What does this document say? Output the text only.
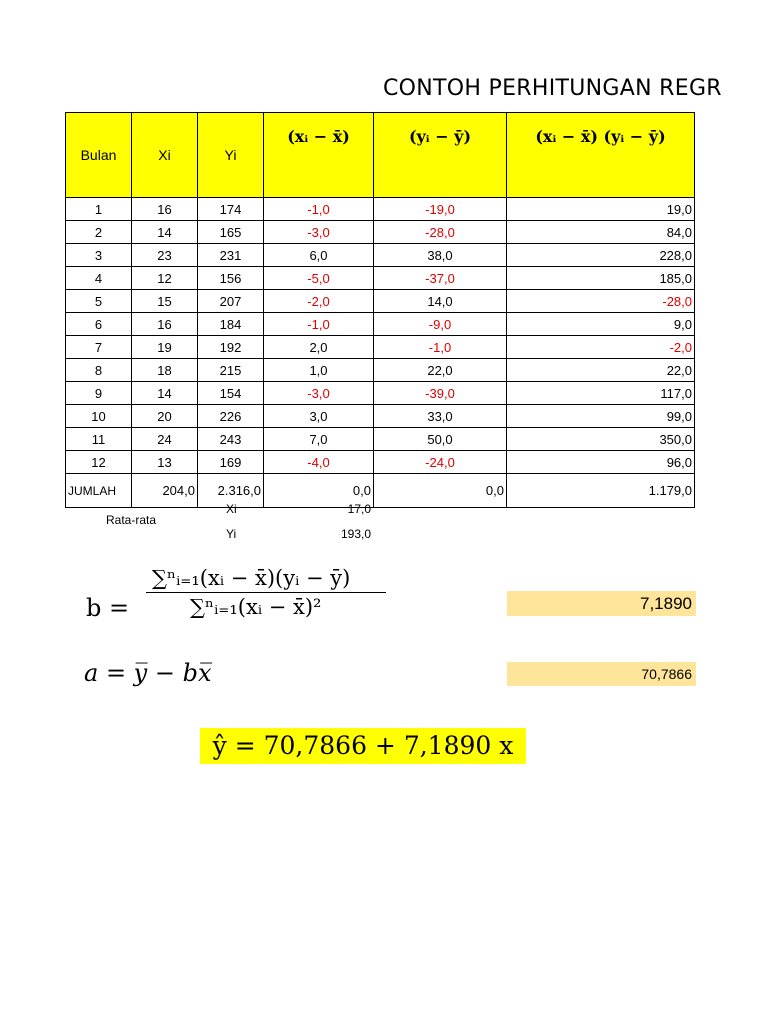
CONTOH PERHITUNGAN REGR
Bulan	Xi	Yi	(xᵢ − x̄)	(yᵢ − ȳ)	(xᵢ − x̄) (yᵢ − ȳ)
1	16	174	-1,0	-19,0	19,0
2	14	165	-3,0	-28,0	84,0
3	23	231	6,0	38,0	228,0
4	12	156	-5,0	-37,0	185,0
5	15	207	-2,0	14,0	-28,0
6	16	184	-1,0	-9,0	9,0
7	19	192	2,0	-1,0	-2,0
8	18	215	1,0	22,0	22,0
9	14	154	-3,0	-39,0	117,0
10	20	226	3,0	33,0	99,0
11	24	243	7,0	50,0	350,0
12	13	169	-4,0	-24,0	96,0
JUMLAH	204,0	2.316,0	0,0	0,0	1.179,0
Rata-rata
Xi	17,0
Yi	193,0
b =
∑ⁿᵢ₌₁(xᵢ − x̄)(yᵢ − ȳ)
∑ⁿᵢ₌₁(xᵢ − x̄)²	7,1890
a = y̅ − bx̅	70,7866
ŷ = 70,7866 + 7,1890 x
